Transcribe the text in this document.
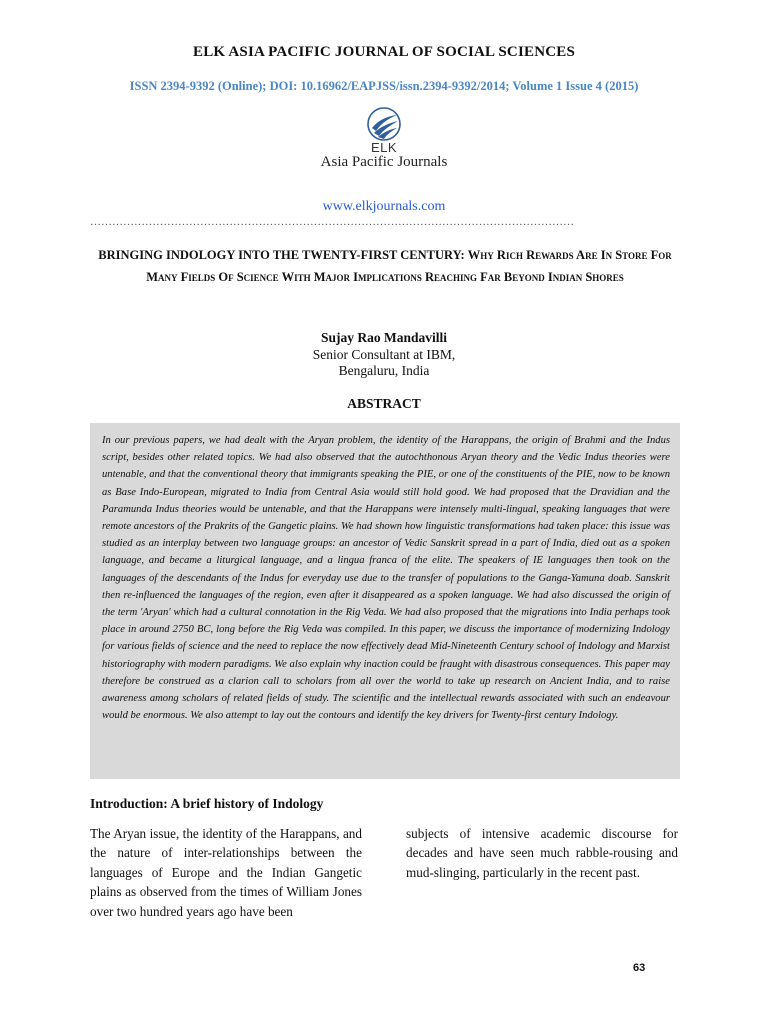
ELK ASIA PACIFIC JOURNAL OF SOCIAL SCIENCES
ISSN 2394-9392 (Online); DOI: 10.16962/EAPJSS/issn.2394-9392/2014; Volume 1 Issue 4 (2015)
ELK
Asia Pacific Journals
www.elkjournals.com
……………………………………………………………………………………………………………………
BRINGING INDOLOGY INTO THE TWENTY-FIRST CENTURY: Why Rich Rewards Are In Store For Many Fields Of Science With Major Implications Reaching Far Beyond Indian Shores
Sujay Rao Mandavilli
Senior Consultant at IBM,
Bengaluru, India
ABSTRACT

In our previous papers, we had dealt with the Aryan problem, the identity of the Harappans, the origin of Brahmi and the Indus script, besides other related topics. We had also observed that the autochthonous Aryan theory and the Vedic Indus theories were untenable, and that the conventional theory that immigrants speaking the PIE, or one of the constituents of the PIE, now to be known as Base Indo-European, migrated to India from Central Asia would still hold good. We had proposed that the Dravidian and the Paramunda Indus theories would be untenable, and that the Harappans were intensely multi-lingual, speaking languages that were remote ancestors of the Prakrits of the Gangetic plains. We had shown how linguistic transformations had taken place: this issue was studied as an interplay between two language groups: an ancestor of Vedic Sanskrit spread in a part of India, died out as a spoken language, and became a liturgical language, and a lingua franca of the elite. The speakers of IE languages then took on the languages of the descendants of the Indus for everyday use due to the transfer of populations to the Ganga-Yamuna doab. Sanskrit then re-influenced the languages of the region, even after it disappeared as a spoken language. We had also discussed the origin of the term 'Aryan' which had a cultural connotation in the Rig Veda. We had also proposed that the migrations into India perhaps took place in around 2750 BC, long before the Rig Veda was compiled. In this paper, we discuss the importance of modernizing Indology for various fields of science and the need to replace the now effectively dead Mid-Nineteenth Century school of Indology and Marxist historiography with modern paradigms. We also explain why inaction could be fraught with disastrous consequences. This paper may therefore be construed as a clarion call to scholars from all over the world to take up research on Ancient India, and to raise awareness among scholars of related fields of study. The scientific and the intellectual rewards associated with such an endeavour would be enormous. We also attempt to lay out the contours and identify the key drivers for Twenty-first century Indology.

Introduction: A brief history of Indology

The Aryan issue, the identity of the Harappans, and the nature of inter-relationships between the languages of Europe and the Indian Gangetic plains as observed from the times of William Jones over two hundred years ago have been

subjects of intensive academic discourse for decades and have seen much rabble-rousing and mud-slinging, particularly in the recent past.

63
